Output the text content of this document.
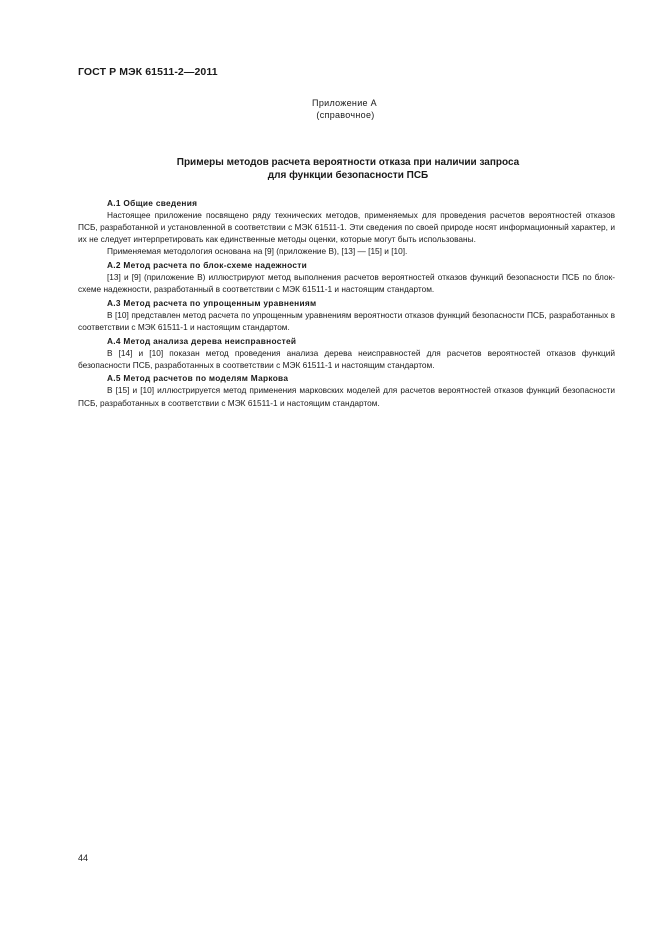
ГОСТ Р МЭК 61511-2—2011
Приложение А
(справочное)
Примеры методов расчета вероятности отказа при наличии запроса
для функции безопасности ПСБ

А.1 Общие сведения

Настоящее приложение посвящено ряду технических методов, применяемых для проведения расчетов вероятностей отказов ПСБ, разработанной и установленной в соответствии с МЭК 61511-1. Эти сведения по своей природе носят информационный характер, и их не следует интерпретировать как единственные методы оценки, которые могут быть использованы.

Применяемая методология основана на [9] (приложение В), [13] — [15] и [10].

А.2 Метод расчета по блок-схеме надежности

[13] и [9] (приложение В) иллюстрируют метод выполнения расчетов вероятностей отказов функций безопасности ПСБ по блок-схеме надежности, разработанный в соответствии с МЭК 61511-1 и настоящим стандартом.

А.3 Метод расчета по упрощенным уравнениям

В [10] представлен метод расчета по упрощенным уравнениям вероятности отказов функций безопасности ПСБ, разработанных в соответствии с МЭК 61511-1 и настоящим стандартом.

А.4 Метод анализа дерева неисправностей

В [14] и [10] показан метод проведения анализа дерева неисправностей для расчетов вероятностей отказов функций безопасности ПСБ, разработанных в соответствии с МЭК 61511-1 и настоящим стандартом.

А.5 Метод расчетов по моделям Маркова

В [15] и [10] иллюстрируется метод применения марковских моделей для расчетов вероятностей отказов функций безопасности ПСБ, разработанных в соответствии с МЭК 61511-1 и настоящим стандартом.

44
